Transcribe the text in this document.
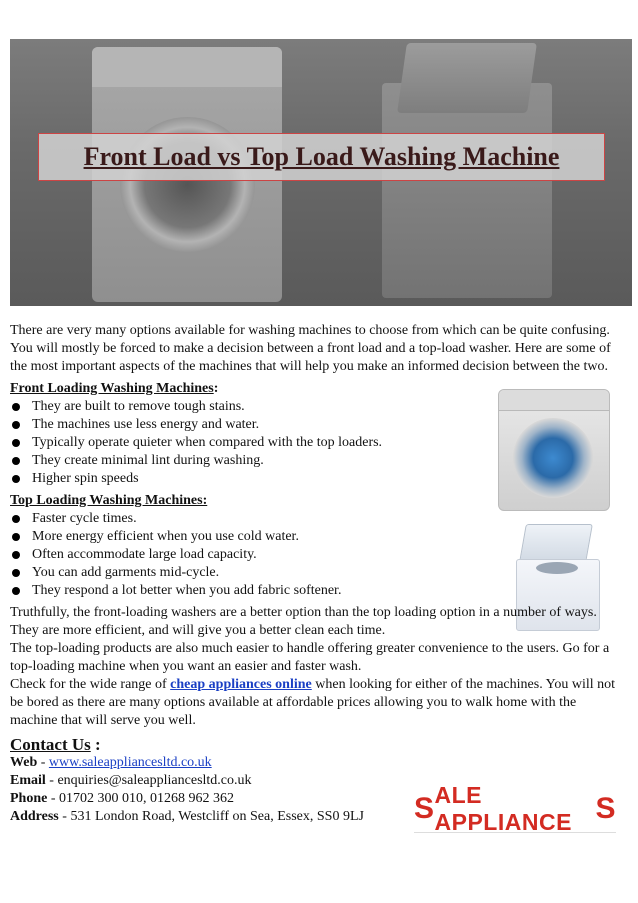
Front Load vs Top Load Washing Machine

There are very many options available for washing machines to choose from which can be quite confusing. You will mostly be forced to make a decision between a front load and a top-load washer. Here are some of the most important aspects of the machines that will help you make an informed decision between the two.

Front Loading Washing Machines:

They are built to remove tough stains.
The machines use less energy and water.
Typically operate quieter when compared with the top loaders.
They create minimal lint during washing.
Higher spin speeds

Top Loading Washing Machines:

Faster cycle times.
More energy efficient when you use cold water.
Often accommodate large load capacity.
You can add garments mid-cycle.
They respond a lot better when you add fabric softener.

Truthfully, the front-loading washers are a better option than the top loading option in a number of ways. They are more efficient, and will give you a better clean each time.

The top-loading products are also much easier to handle offering greater convenience to the users. Go for a top-loading machine when you want an easier and faster wash.

Check for the wide range of cheap appliances online when looking for either of the machines. You will not be bored as there are many options available at affordable prices allowing you to walk home with the machine that will serve you well.

Contact Us :

Web - www.saleappliancesltd.co.uk

Email - enquiries@saleappliancesltd.co.uk

Phone - 01702 300 010, 01268 962 362

Address - 531 London Road, Westcliff on Sea, Essex, SS0 9LJ	S ALE APPLIANCE S
